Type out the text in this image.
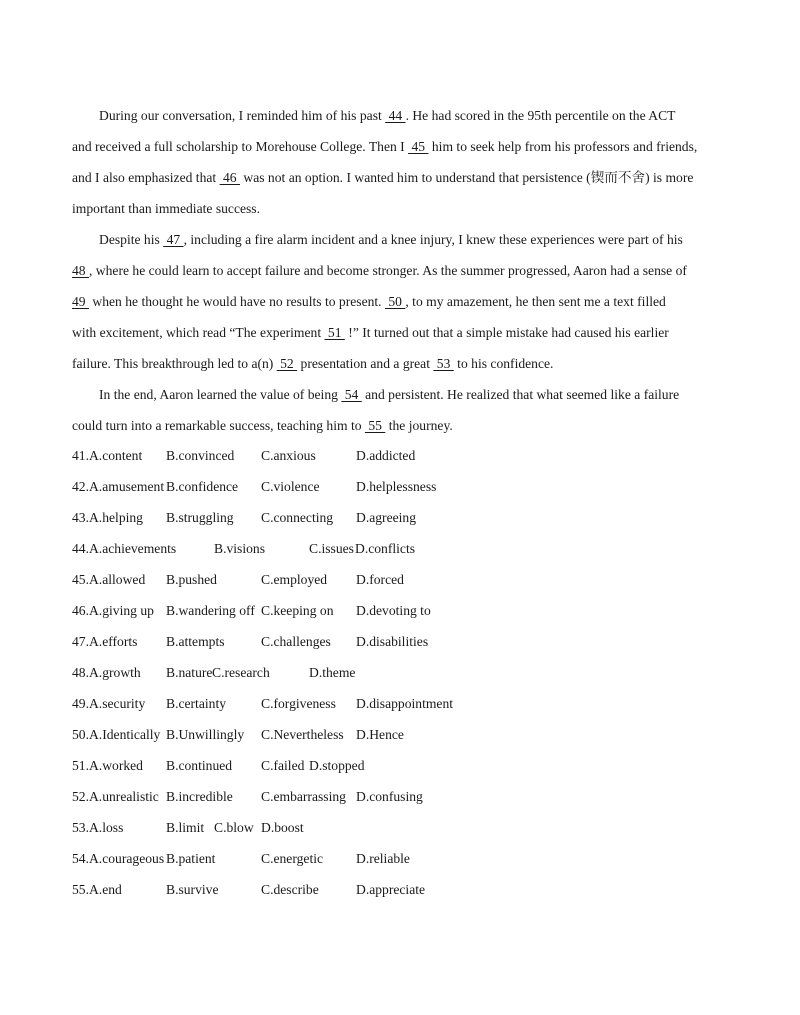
During our conversation, I reminded him of his past  44 . He had scored in the 95th percentile on the ACT
and received a full scholarship to Morehouse College. Then I  45  him to seek help from his professors and friends,
and I also emphasized that  46  was not an option. I wanted him to understand that persistence (锲而不舍) is more
important than immediate success.
Despite his  47 , including a fire alarm incident and a knee injury, I knew these experiences were part of his
48 , where he could learn to accept failure and become stronger. As the summer progressed, Aaron had a sense of
49  when he thought he would have no results to present.  50 , to my amazement, he then sent me a text filled
with excitement, which read “The experiment  51  !” It turned out that a simple mistake had caused his earlier
failure. This breakthrough led to a(n)  52  presentation and a great  53  to his confidence.
In the end, Aaron learned the value of being  54  and persistent. He realized that what seemed like a failure
could turn into a remarkable success, teaching him to  55  the journey.
41.A.content B.convinced C.anxious	D.addicted
42.A.amusement B.confidence C.violence	D.helplessness
43.A.helping B.struggling C.connecting D.agreeing
44.A.achievements	B.visions	C.issues D.conflicts
45.A.allowed B.pushed	C.employed D.forced
46.A.giving up B.wandering off C.keeping on D.devoting to
47.A.efforts B.attempts	C.challenges D.disabilities
48.A.growth B.nature C.research	D.theme
49.A.security B.certainty	C.forgiveness D.disappointment
50.A.Identically B.Unwillingly C.Nevertheless D.Hence
51.A.worked B.continued C.failed D.stopped
52.A.unrealistic B.incredible C.embarrassing D.confusing
53.A.loss	B.limit C.blow D.boost
54.A.courageous B.patient	C.energetic D.reliable
55.A.end	B.survive	C.describe	D.appreciate
